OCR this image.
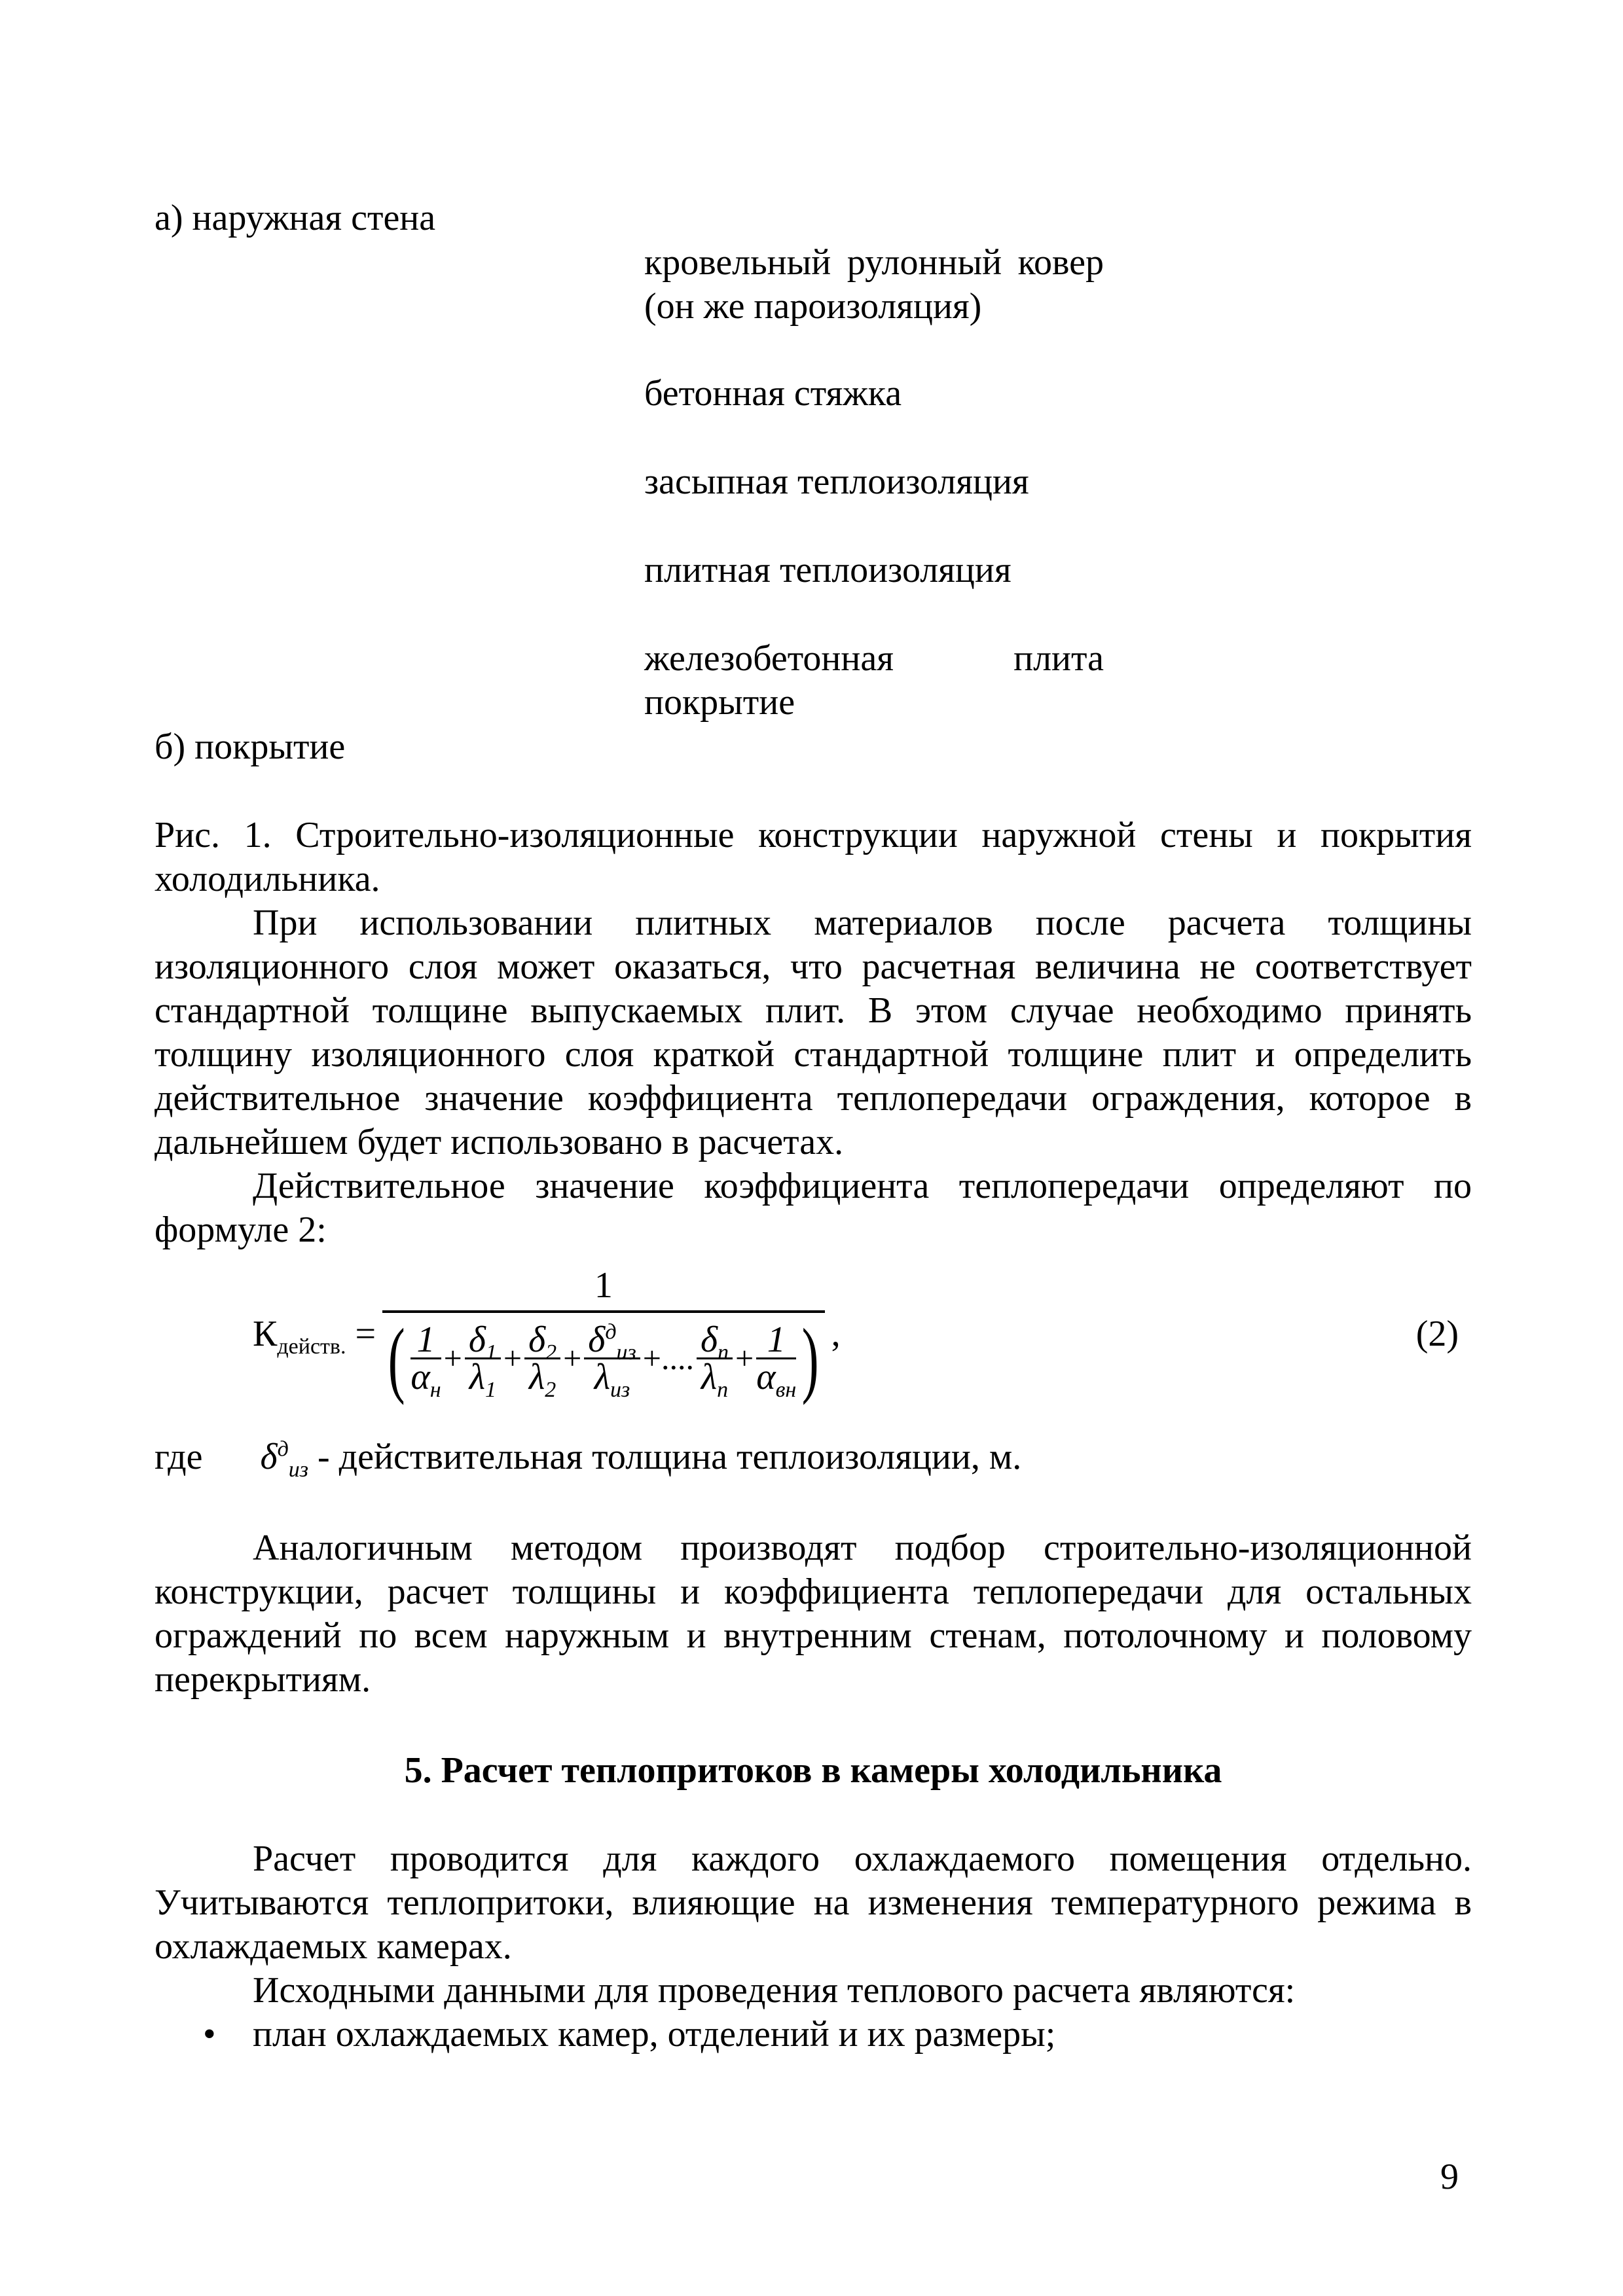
а) наружная стена
кровельный рулонный ковер (он же пароизоляция)
бетонная стяжка
засыпная теплоизоляция
плитная теплоизоляция
железобетонная плита покрытие
б) покрытие
Рис. 1. Строительно-изоляционные конструкции наружной стены и покрытия холодильника.
При использовании плитных материалов после расчета толщины изоляционного слоя может оказаться, что расчетная величина не соответствует стандартной толщине выпускаемых плит. В этом случае необходимо принять толщину изоляционного слоя краткой стандартной толщине плит и определить действительное значение коэффициента теплопередачи ограждения, которое в дальнейшем будет использовано в расчетах.
Действительное значение коэффициента теплопередачи определяют по формуле 2:
$К_{действ.}$ =
1
( $\frac{1}{\alpha_н} + \frac{\delta_1}{\lambda_1} + \frac{\delta_2}{\lambda_2} + \frac{\delta^д_{из}}{\lambda_{из}}$ +.... $\frac{\delta_n}{\lambda_n} + \frac{1}{\alpha_{вн}}$ ) ,	(2)
где $\delta^д_{из}$ - действительная толщина теплоизоляции, м.
Аналогичным методом производят подбор строительно-изоляционной конструкции, расчет толщины и коэффициента теплопередачи для остальных ограждений по всем наружным и внутренним стенам, потолочному и половому перекрытиям.
5. Расчет теплопритоков в камеры холодильника
Расчет проводится для каждого охлаждаемого помещения отдельно. Учитываются теплопритоки, влияющие на изменения температурного режима в охлаждаемых камерах.
Исходными данными для проведения теплового расчета являются:
• план охлаждаемых камер, отделений и их размеры;
9
